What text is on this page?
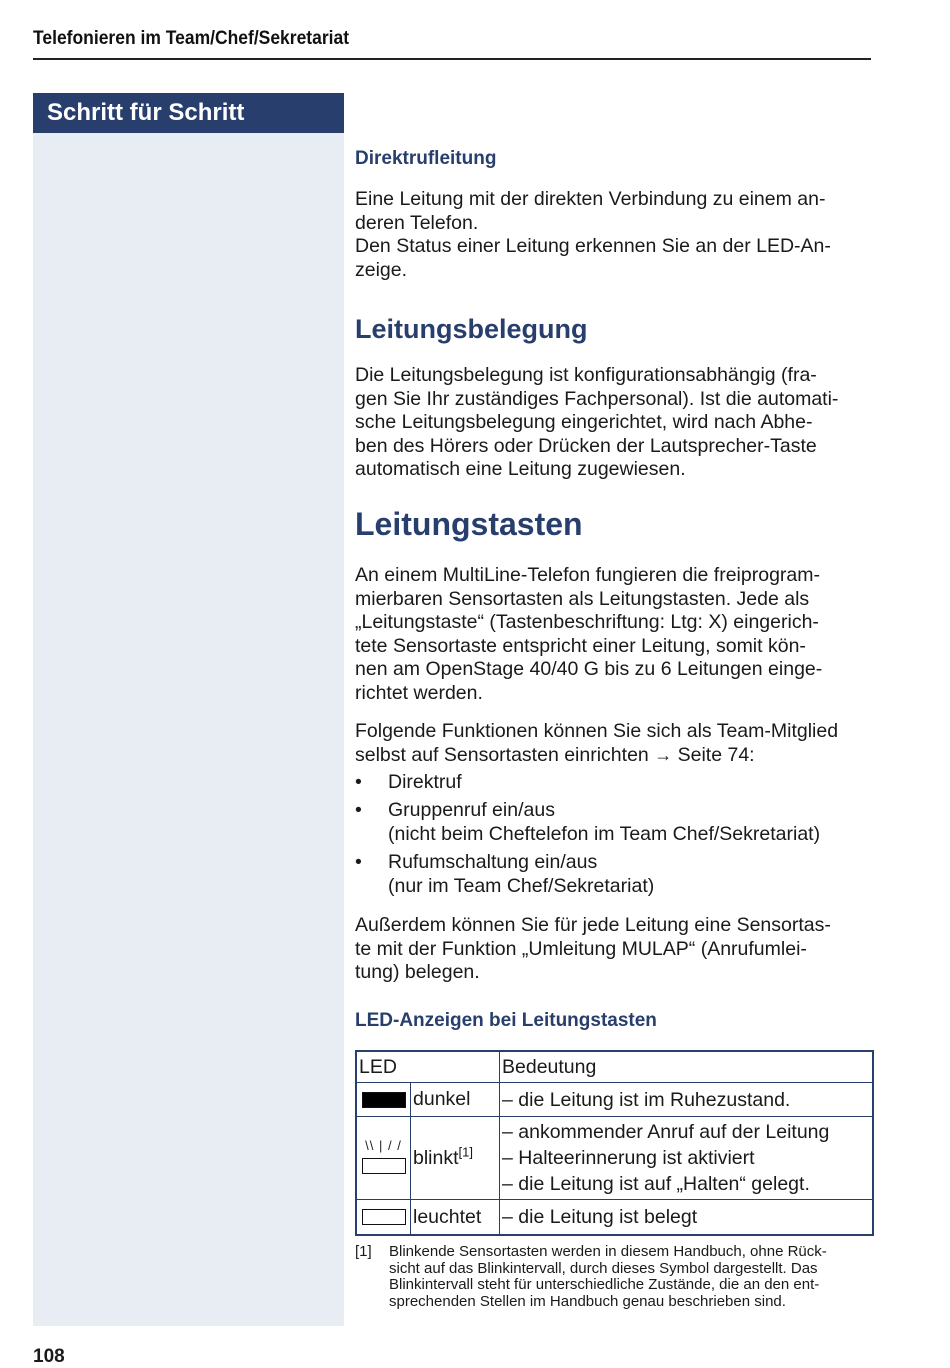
Telefonieren im Team/Chef/Sekretariat
Schritt für Schritt
Direktrufleitung

Eine Leitung mit der direkten Verbindung zu einem an-
deren Telefon.
Den Status einer Leitung erkennen Sie an der LED-An-
zeige.

Leitungsbelegung

Die Leitungsbelegung ist konfigurationsabhängig (fra-
gen Sie Ihr zuständiges Fachpersonal). Ist die automati-
sche Leitungsbelegung eingerichtet, wird nach Abhe-
ben des Hörers oder Drücken der Lautsprecher-Taste
automatisch eine Leitung zugewiesen.

Leitungstasten

An einem MultiLine-Telefon fungieren die freiprogram-
mierbaren Sensortasten als Leitungstasten. Jede als
„Leitungstaste“ (Tastenbeschriftung: Ltg: X) eingerich-
tete Sensortaste entspricht einer Leitung, somit kön-
nen am OpenStage 40/40 G bis zu 6 Leitungen einge-
richtet werden.

Folgende Funktionen können Sie sich als Team-Mitglied
selbst auf Sensortasten einrichten → Seite 74:

• Direktruf
• Gruppenruf ein/aus
(nicht beim Cheftelefon im Team Chef/Sekretariat)
• Rufumschaltung ein/aus
(nur im Team Chef/Sekretariat)

Außerdem können Sie für jede Leitung eine Sensortas-
te mit der Funktion „Umleitung MULAP“ (Anrufumlei-
tung) belegen.

LED-Anzeigen bei Leitungstasten
LED		Bedeutung
	dunkel	– die Leitung ist im Ruhezustand.

\\ | / /	blinkt[1]	– ankommender Anruf auf der Leitung
– Halteerinnerung ist aktiviert
– die Leitung ist auf „Halten“ gelegt.

	leuchtet	– die Leitung ist belegt
[1] Blinkende Sensortasten werden in diesem Handbuch, ohne Rück-
sicht auf das Blinkintervall, durch dieses Symbol dargestellt. Das
Blinkintervall steht für unterschiedliche Zustände, die an den ent-
sprechenden Stellen im Handbuch genau beschrieben sind.
108
